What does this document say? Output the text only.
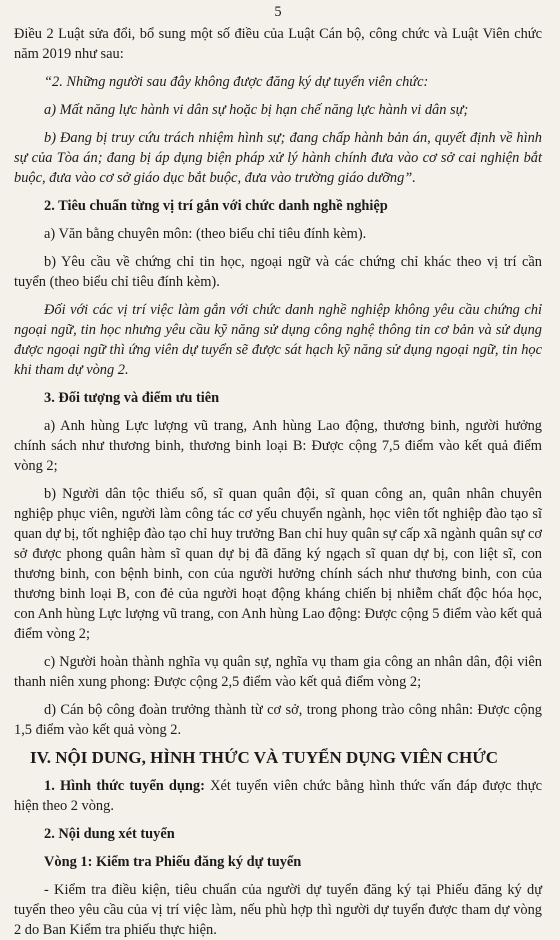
5

Điều 2 Luật sửa đổi, bổ sung một số điều của Luật Cán bộ, công chức và Luật Viên chức năm 2019 như sau:

“2. Những người sau đây không được đăng ký dự tuyển viên chức:

a) Mất năng lực hành vi dân sự hoặc bị hạn chế năng lực hành vi dân sự;

b) Đang bị truy cứu trách nhiệm hình sự; đang chấp hành bản án, quyết định về hình sự của Tòa án; đang bị áp dụng biện pháp xử lý hành chính đưa vào cơ sở cai nghiện bắt buộc, đưa vào cơ sở giáo dục bắt buộc, đưa vào trường giáo dưỡng”.

2. Tiêu chuẩn từng vị trí gắn với chức danh nghề nghiệp

a) Văn bằng chuyên môn: (theo biểu chỉ tiêu đính kèm).

b) Yêu cầu về chứng chỉ tin học, ngoại ngữ và các chứng chỉ khác theo vị trí cần tuyển (theo biểu chỉ tiêu đính kèm).

Đối với các vị trí việc làm gắn với chức danh nghề nghiệp không yêu cầu chứng chỉ ngoại ngữ, tin học nhưng yêu cầu kỹ năng sử dụng công nghệ thông tin cơ bản và sử dụng được ngoại ngữ thì ứng viên dự tuyển sẽ được sát hạch kỹ năng sử dụng ngoại ngữ, tin học khi tham dự vòng 2.

3. Đối tượng và điểm ưu tiên

a) Anh hùng Lực lượng vũ trang, Anh hùng Lao động, thương binh, người hưởng chính sách như thương binh, thương binh loại B: Được cộng 7,5 điểm vào kết quả điểm vòng 2;

b) Người dân tộc thiểu số, sĩ quan quân đội, sĩ quan công an, quân nhân chuyên nghiệp phục viên, người làm công tác cơ yếu chuyển ngành, học viên tốt nghiệp đào tạo sĩ quan dự bị, tốt nghiệp đào tạo chỉ huy trưởng Ban chỉ huy quân sự cấp xã ngành quân sự cơ sở được phong quân hàm sĩ quan dự bị đã đăng ký ngạch sĩ quan dự bị, con liệt sĩ, con thương binh, con bệnh binh, con của người hưởng chính sách như thương binh, con của thương binh loại B, con đẻ của người hoạt động kháng chiến bị nhiễm chất độc hóa học, con Anh hùng Lực lượng vũ trang, con Anh hùng Lao động: Được cộng 5 điểm vào kết quả điểm vòng 2;

c) Người hoàn thành nghĩa vụ quân sự, nghĩa vụ tham gia công an nhân dân, đội viên thanh niên xung phong: Được cộng 2,5 điểm vào kết quả điểm vòng 2;

d) Cán bộ công đoàn trưởng thành từ cơ sở, trong phong trào công nhân: Được cộng 1,5 điểm vào kết quả vòng 2.

IV. NỘI DUNG, HÌNH THỨC VÀ TUYỂN DỤNG VIÊN CHỨC

1. Hình thức tuyển dụng: Xét tuyển viên chức bằng hình thức vấn đáp được thực hiện theo 2 vòng.

2. Nội dung xét tuyển

Vòng 1: Kiểm tra Phiếu đăng ký dự tuyển

- Kiểm tra điều kiện, tiêu chuẩn của người dự tuyển đăng ký tại Phiếu đăng ký dự tuyển theo yêu cầu của vị trí việc làm, nếu phù hợp thì người dự tuyển được tham dự vòng 2 do Ban Kiểm tra phiếu thực hiện.
